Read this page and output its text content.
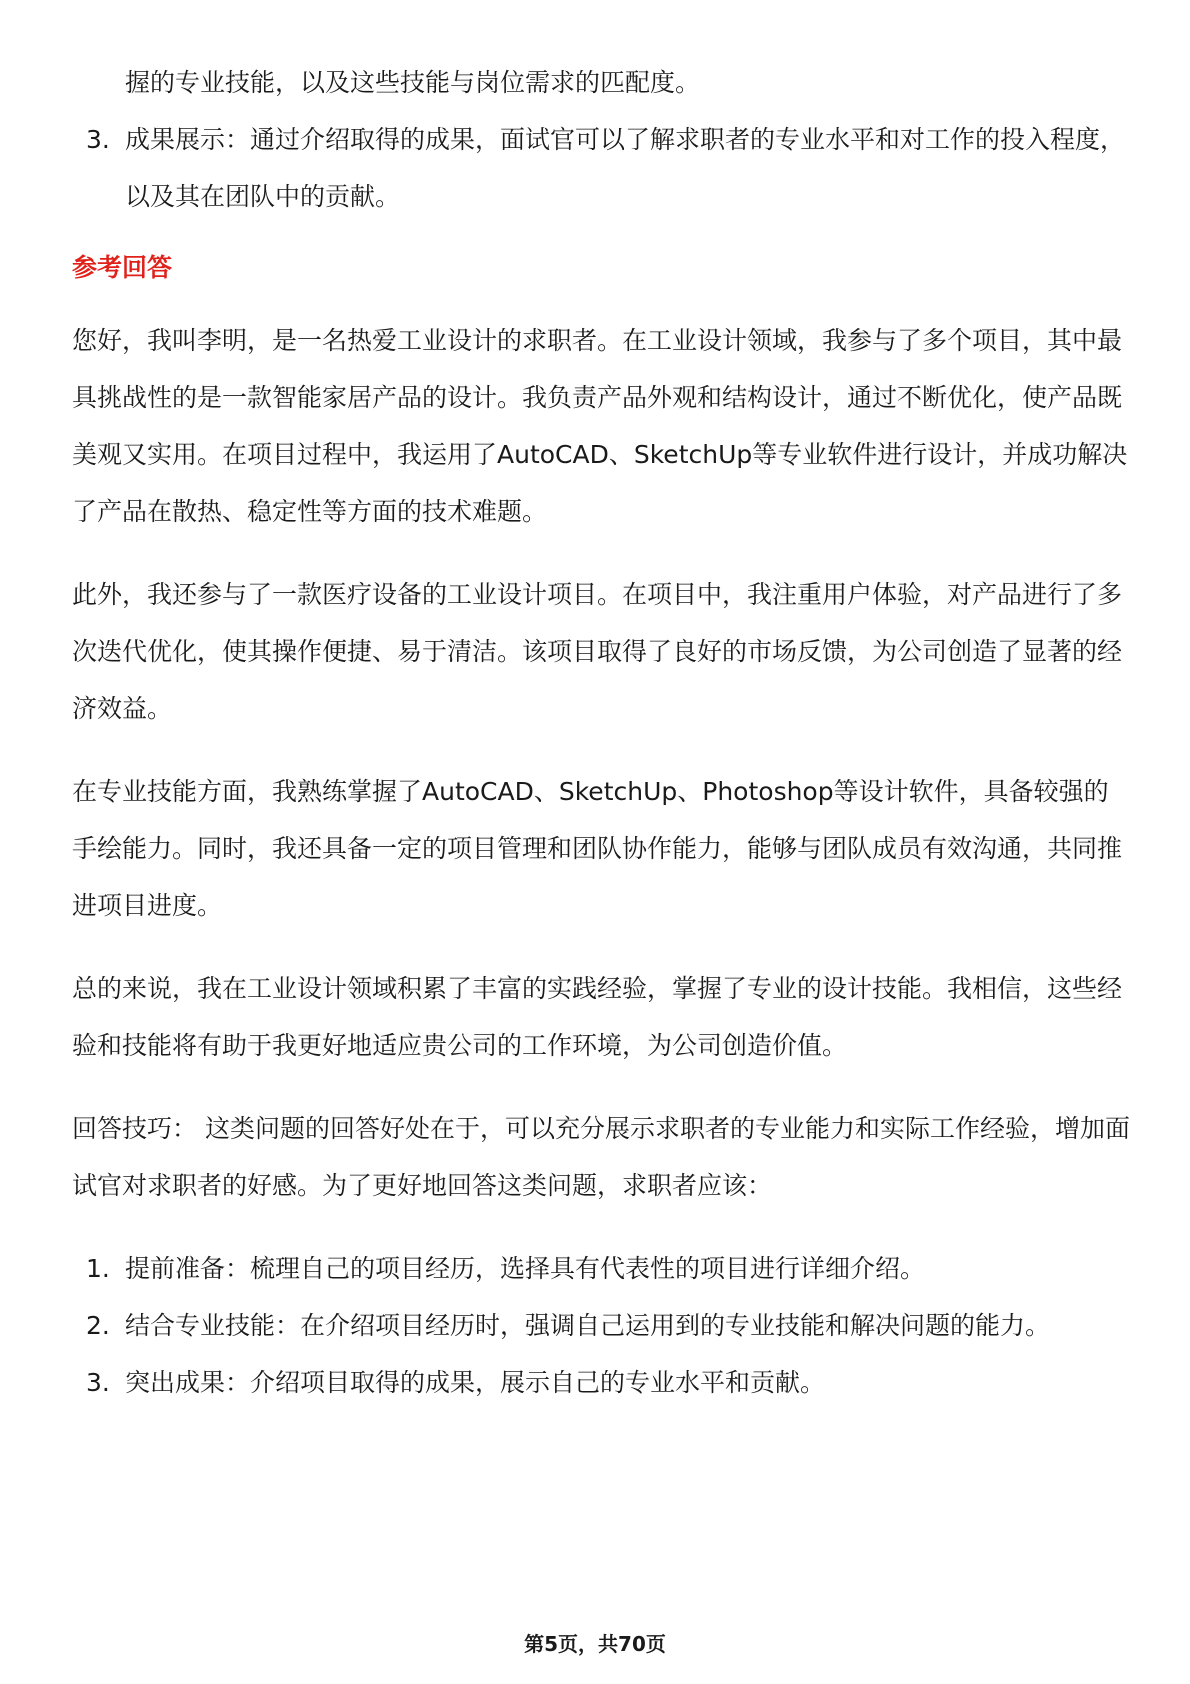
握的专业技能，以及这些技能与岗位需求的匹配度。

3. 成果展示：通过介绍取得的成果，面试官可以了解求职者的专业水平和对工作的投入程度，以及其在团队中的贡献。
参考回答

您好，我叫李明，是一名热爱工业设计的求职者。在工业设计领域，我参与了多个项目，其中最具挑战性的是一款智能家居产品的设计。我负责产品外观和结构设计，通过不断优化，使产品既美观又实用。在项目过程中，我运用了AutoCAD、SketchUp等专业软件进行设计，并成功解决了产品在散热、稳定性等方面的技术难题。

此外，我还参与了一款医疗设备的工业设计项目。在项目中，我注重用户体验，对产品进行了多次迭代优化，使其操作便捷、易于清洁。该项目取得了良好的市场反馈，为公司创造了显著的经济效益。

在专业技能方面，我熟练掌握了AutoCAD、SketchUp、Photoshop等设计软件，具备较强的手绘能力。同时，我还具备一定的项目管理和团队协作能力，能够与团队成员有效沟通，共同推进项目进度。

总的来说，我在工业设计领域积累了丰富的实践经验，掌握了专业的设计技能。我相信，这些经验和技能将有助于我更好地适应贵公司的工作环境，为公司创造价值。

回答技巧： 这类问题的回答好处在于，可以充分展示求职者的专业能力和实际工作经验，增加面试官对求职者的好感。为了更好地回答这类问题，求职者应该：

1. 提前准备：梳理自己的项目经历，选择具有代表性的项目进行详细介绍。
2. 结合专业技能：在介绍项目经历时，强调自己运用到的专业技能和解决问题的能力。
3. 突出成果：介绍项目取得的成果，展示自己的专业水平和贡献。
第5页，共70页
